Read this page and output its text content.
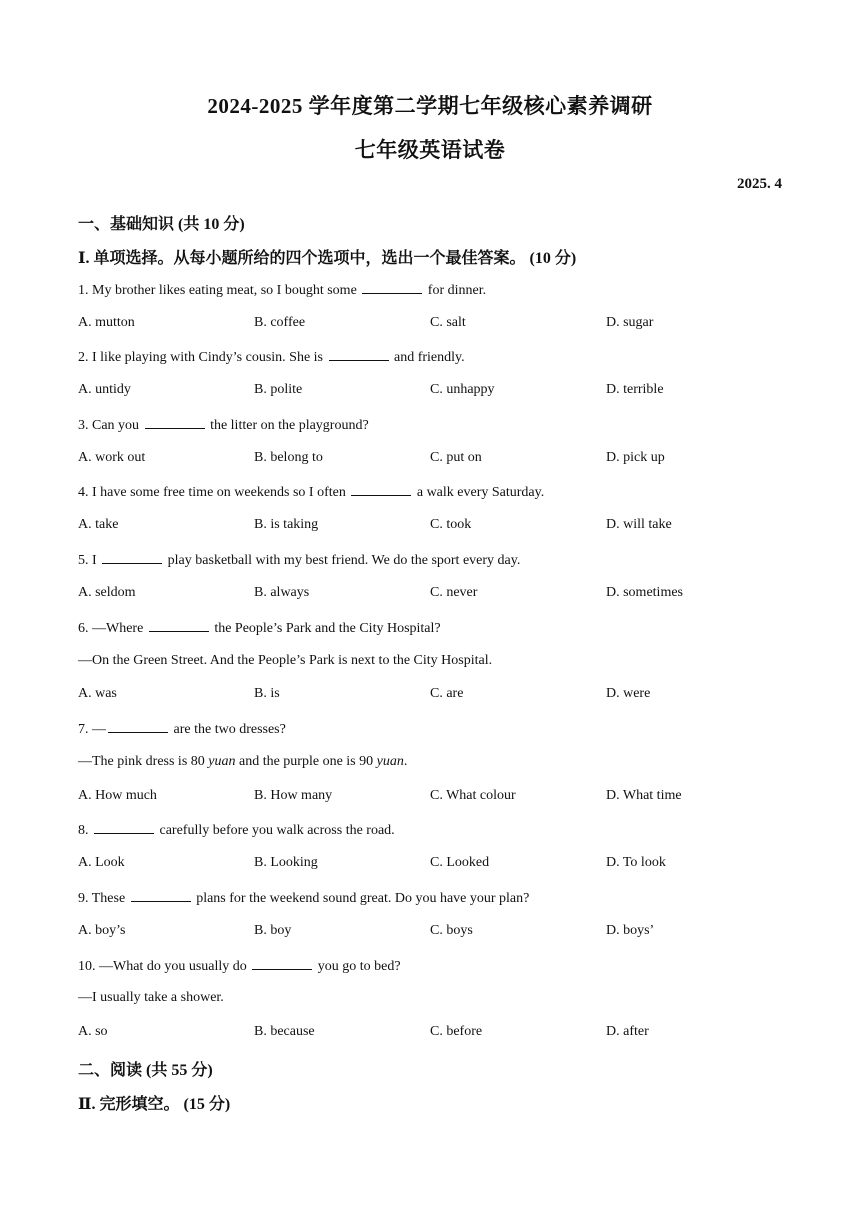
2024-2025 学年度第二学期七年级核心素养调研
七年级英语试卷
2025. 4
一、基础知识 (共 10 分)
Ⅰ. 单项选择。从每小题所给的四个选项中，选出一个最佳答案。 (10 分)
1. My brother likes eating meat, so I bought some	for dinner.
A. mutton	B. coffee	C. salt	D. sugar
2. I like playing with Cindy’s cousin. She is	and friendly.
A. untidy	B. polite	C. unhappy	D. terrible
3. Can you	the litter on the playground?
A. work out	B. belong to	C. put on	D. pick up
4. I have some free time on weekends so I often	a walk every Saturday.
A. take	B. is taking	C. took	D. will take
5. I	play basketball with my best friend. We do the sport every day.
A. seldom	B. always	C. never	D. sometimes
6. —Where	the People’s Park and the City Hospital?
—On the Green Street. And the People’s Park is next to the City Hospital.
A. was	B. is	C. are	D. were
7. —	are the two dresses?
—The pink dress is 80 yuan and the purple one is 90 yuan.
A. How much	B. How many	C. What colour	D. What time
8.	carefully before you walk across the road.
A. Look	B. Looking	C. Looked	D. To look
9. These	plans for the weekend sound great. Do you have your plan?
A. boy’s	B. boy	C. boys	D. boys’
10. —What do you usually do	you go to bed?
—I usually take a shower.
A. so	B. because	C. before	D. after
二、阅读 (共 55 分)
Ⅱ. 完形填空。 (15 分)
